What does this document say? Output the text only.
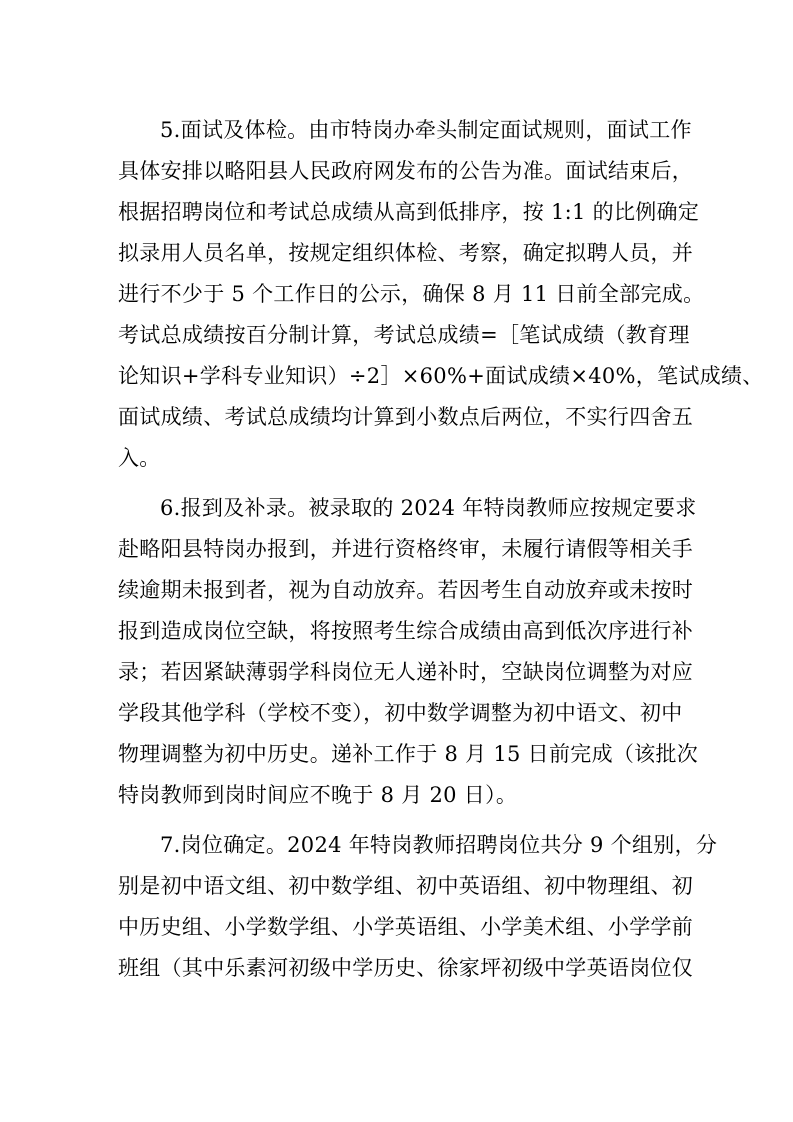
5.面试及体检。由市特岗办牵头制定面试规则，面试工作
具体安排以略阳县人民政府网发布的公告为准。面试结束后，
根据招聘岗位和考试总成绩从高到低排序，按 1:1 的比例确定
拟录用人员名单，按规定组织体检、考察，确定拟聘人员，并
进行不少于 5 个工作日的公示，确保 8 月 11 日前全部完成。
考试总成绩按百分制计算，考试总成绩=［笔试成绩（教育理
论知识+学科专业知识）÷2］×60%+面试成绩×40%，笔试成绩、
面试成绩、考试总成绩均计算到小数点后两位，不实行四舍五
入。
6.报到及补录。被录取的 2024 年特岗教师应按规定要求
赴略阳县特岗办报到，并进行资格终审，未履行请假等相关手
续逾期未报到者，视为自动放弃。若因考生自动放弃或未按时
报到造成岗位空缺，将按照考生综合成绩由高到低次序进行补
录；若因紧缺薄弱学科岗位无人递补时，空缺岗位调整为对应
学段其他学科（学校不变），初中数学调整为初中语文、初中
物理调整为初中历史。递补工作于 8 月 15 日前完成（该批次
特岗教师到岗时间应不晚于 8 月 20 日）。
7.岗位确定。2024 年特岗教师招聘岗位共分 9 个组别，分
别是初中语文组、初中数学组、初中英语组、初中物理组、初
中历史组、小学数学组、小学英语组、小学美术组、小学学前
班组（其中乐素河初级中学历史、徐家坪初级中学英语岗位仅
